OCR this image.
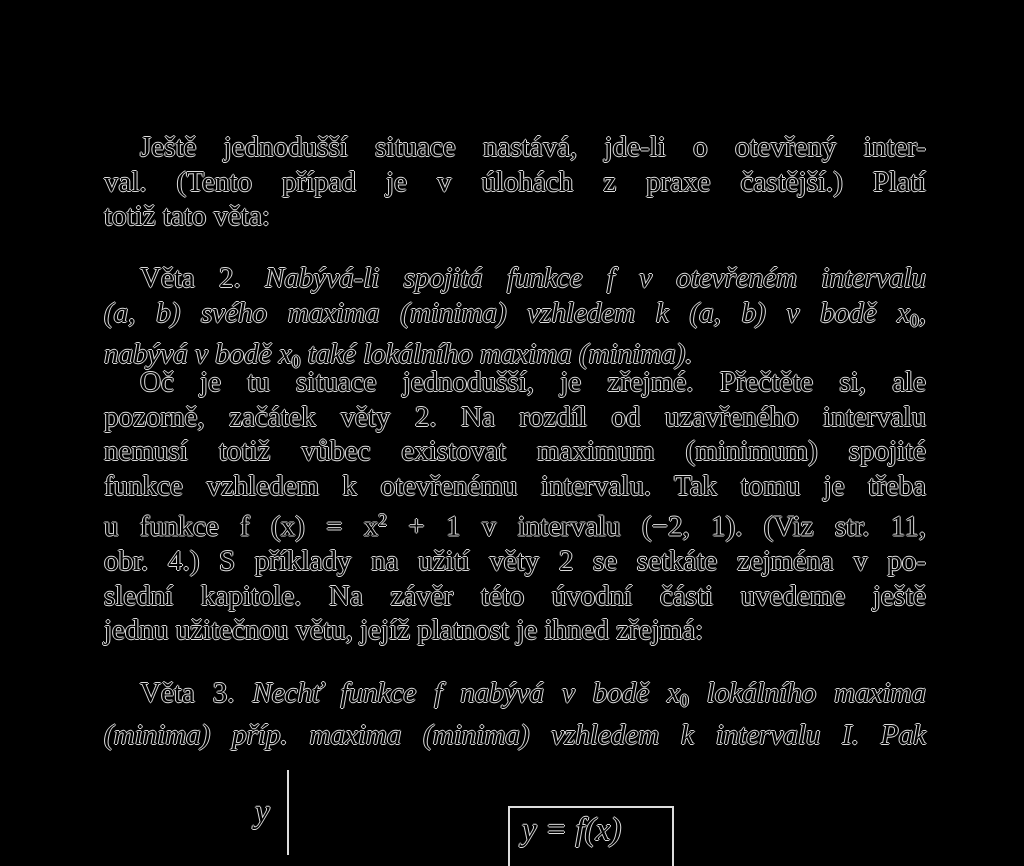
Ještě jednodušší situace nastává, jde-li o otevřený inter-
val. (Tento případ je v úlohách z praxe častější.) Platí
totiž tato věta:
Věta 2. Nabývá-li spojitá funkce f v otevřeném intervalu
(a, b) svého maxima (minima) vzhledem k (a, b) v bodě $x_0$,
nabývá v bodě $x_0$ také lokálního maxima (minima).
Oč je tu situace jednodušší, je zřejmé. Přečtěte si, ale
pozorně, začátek věty 2. Na rozdíl od uzavřeného intervalu
nemusí totiž vůbec existovat maximum (minimum) spojité
funkce vzhledem k otevřenému intervalu. Tak tomu je třeba
u funkce f $(x) = x^2 + 1$ v intervalu (−2, 1). (Viz str. 11,
obr. 4.) S příklady na užití věty 2 se setkáte zejména v po-
slední kapitole. Na závěr této úvodní části uvedeme ještě
jednu užitečnou větu, jejíž platnost je ihned zřejmá:
Věta 3. Nechť funkce f nabývá v bodě $x_0$ lokálního maxima
(minima) příp. maxima (minima) vzhledem k intervalu I. Pak
y	y = f(x)
